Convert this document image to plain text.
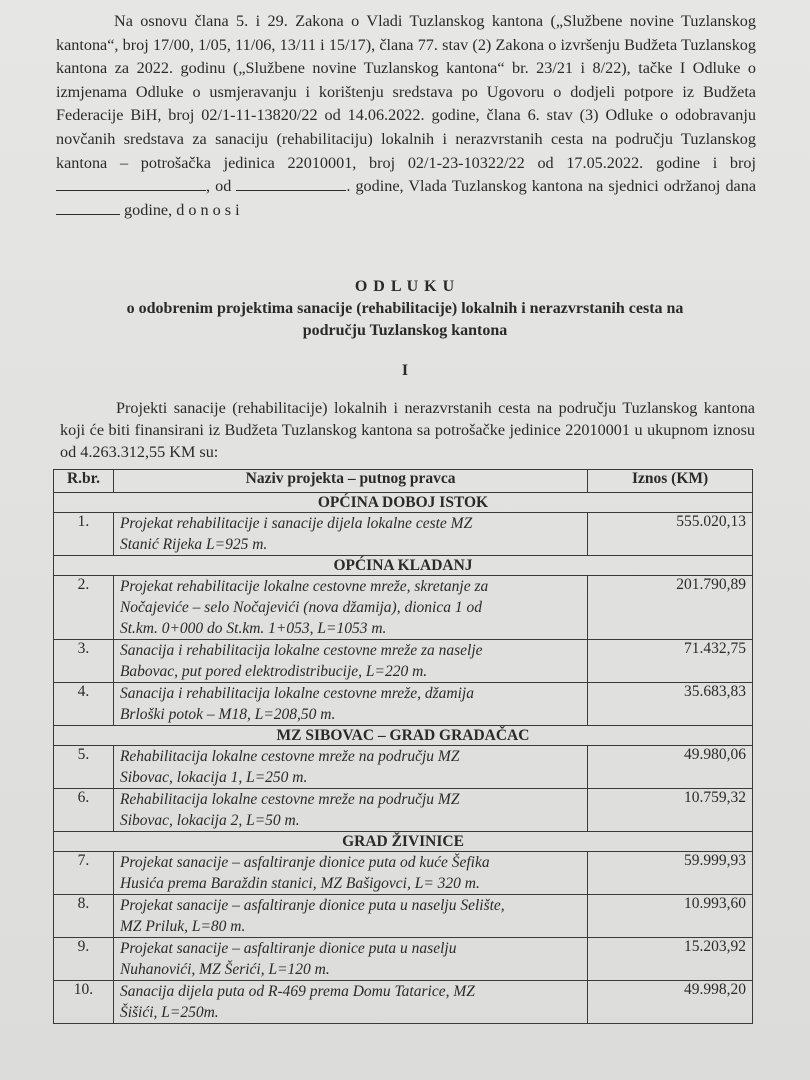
Na osnovu člana 5. i 29. Zakona o Vladi Tuzlanskog kantona („Službene novine Tuzlanskog kantona“, broj 17/00, 1/05, 11/06, 13/11 i 15/17), člana 77. stav (2) Zakona o izvršenju Budžeta Tuzlanskog kantona za 2022. godinu („Službene novine Tuzlanskog kantona“ br. 23/21 i 8/22), tačke I Odluke o izmjenama Odluke o usmjeravanju i korištenju sredstava po Ugovoru o dodjeli potpore iz Budžeta Federacije BiH, broj 02/1-11-13820/22 od 14.06.2022. godine, člana 6. stav (3) Odluke o odobravanju novčanih sredstava za sanaciju (rehabilitaciju) lokalnih i nerazvrstanih cesta na području Tuzlanskog kantona – potrošačka jedinica 22010001, broj 02/1-23-10322/22 od 17.05.2022. godine i broj , od	. godine, Vlada Tuzlanskog kantona na sjednici održanoj dana  godine, d o n o s i
O D L U K U
o odobrenim projektima sanacije (rehabilitacije) lokalnih i nerazvrstanih cesta na
području Tuzlanskog kantona
I
Projekti sanacije (rehabilitacije) lokalnih i nerazvrstanih cesta na području Tuzlanskog kantona koji će biti finansirani iz Budžeta Tuzlanskog kantona sa potrošačke jedinice 22010001 u ukupnom iznosu od 4.263.312,55 KM su:
R.br.	Naziv projekta – putnog pravca	Iznos (KM)
OPĆINA DOBOJ ISTOK		
1.	Projekat rehabilitacije i sanacije dijela lokalne ceste MZ
Stanić Rijeka L=925 m.	555.020,13
OPĆINA KLADANJ		
2.	Projekat rehabilitacije lokalne cestovne mreže, skretanje za
Nočajeviće – selo Nočajevići (nova džamija), dionica 1 od
St.km. 0+000 do St.km. 1+053, L=1053 m.	201.790,89
3.	Sanacija i rehabilitacija lokalne cestovne mreže za naselje
Babovac, put pored elektrodistribucije, L=220 m.	71.432,75
4.	Sanacija i rehabilitacija lokalne cestovne mreže, džamija
Brloški potok – M18, L=208,50 m.	35.683,83
MZ SIBOVAC – GRAD GRADAČAC		
5.	Rehabilitacija lokalne cestovne mreže na području MZ
Sibovac, lokacija 1, L=250 m.	49.980,06
6.	Rehabilitacija lokalne cestovne mreže na području MZ
Sibovac, lokacija 2, L=50 m.	10.759,32
GRAD ŽIVINICE		
7.	Projekat sanacije – asfaltiranje dionice puta od kuće Šefika
Husića prema Baraždin stanici, MZ Bašigovci, L= 320 m.	59.999,93
8.	Projekat sanacije – asfaltiranje dionice puta u naselju Selište,
MZ Priluk, L=80 m.	10.993,60
9.	Projekat sanacije – asfaltiranje dionice puta u naselju
Nuhanovići, MZ Šerići, L=120 m.	15.203,92
10.	Sanacija dijela puta od R-469 prema Domu Tatarice, MZ
Šišići, L=250m.	49.998,20
